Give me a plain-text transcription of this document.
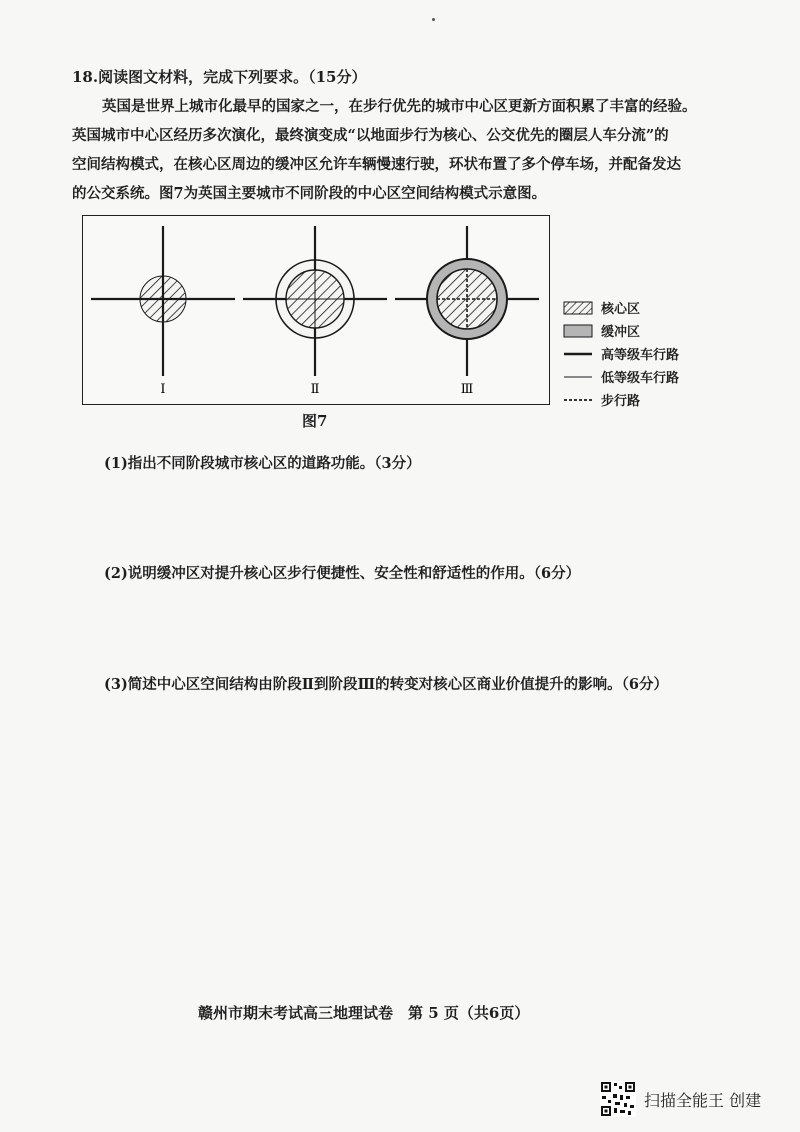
18.阅读图文材料，完成下列要求。（15分）
英国是世界上城市化最早的国家之一，在步行优先的城市中心区更新方面积累了丰富的经验。
英国城市中心区经历多次演化，最终演变成“以地面步行为核心、公交优先的圈层人车分流”的
空间结构模式，在核心区周边的缓冲区允许车辆慢速行驶，环状布置了多个停车场，并配备发达
的公交系统。图7为英国主要城市不同阶段的中心区空间结构模式示意图。
Ⅰ	Ⅱ	Ⅲ
核心区
缓冲区
高等级车行路
低等级车行路
步行路
图7
(1)指出不同阶段城市核心区的道路功能。（3分）
(2)说明缓冲区对提升核心区步行便捷性、安全性和舒适性的作用。（6分）
(3)简述中心区空间结构由阶段Ⅱ到阶段Ⅲ的转变对核心区商业价值提升的影响。（6分）
赣州市期末考试高三地理试卷　第 5 页（共6页）
扫描全能王 创建
